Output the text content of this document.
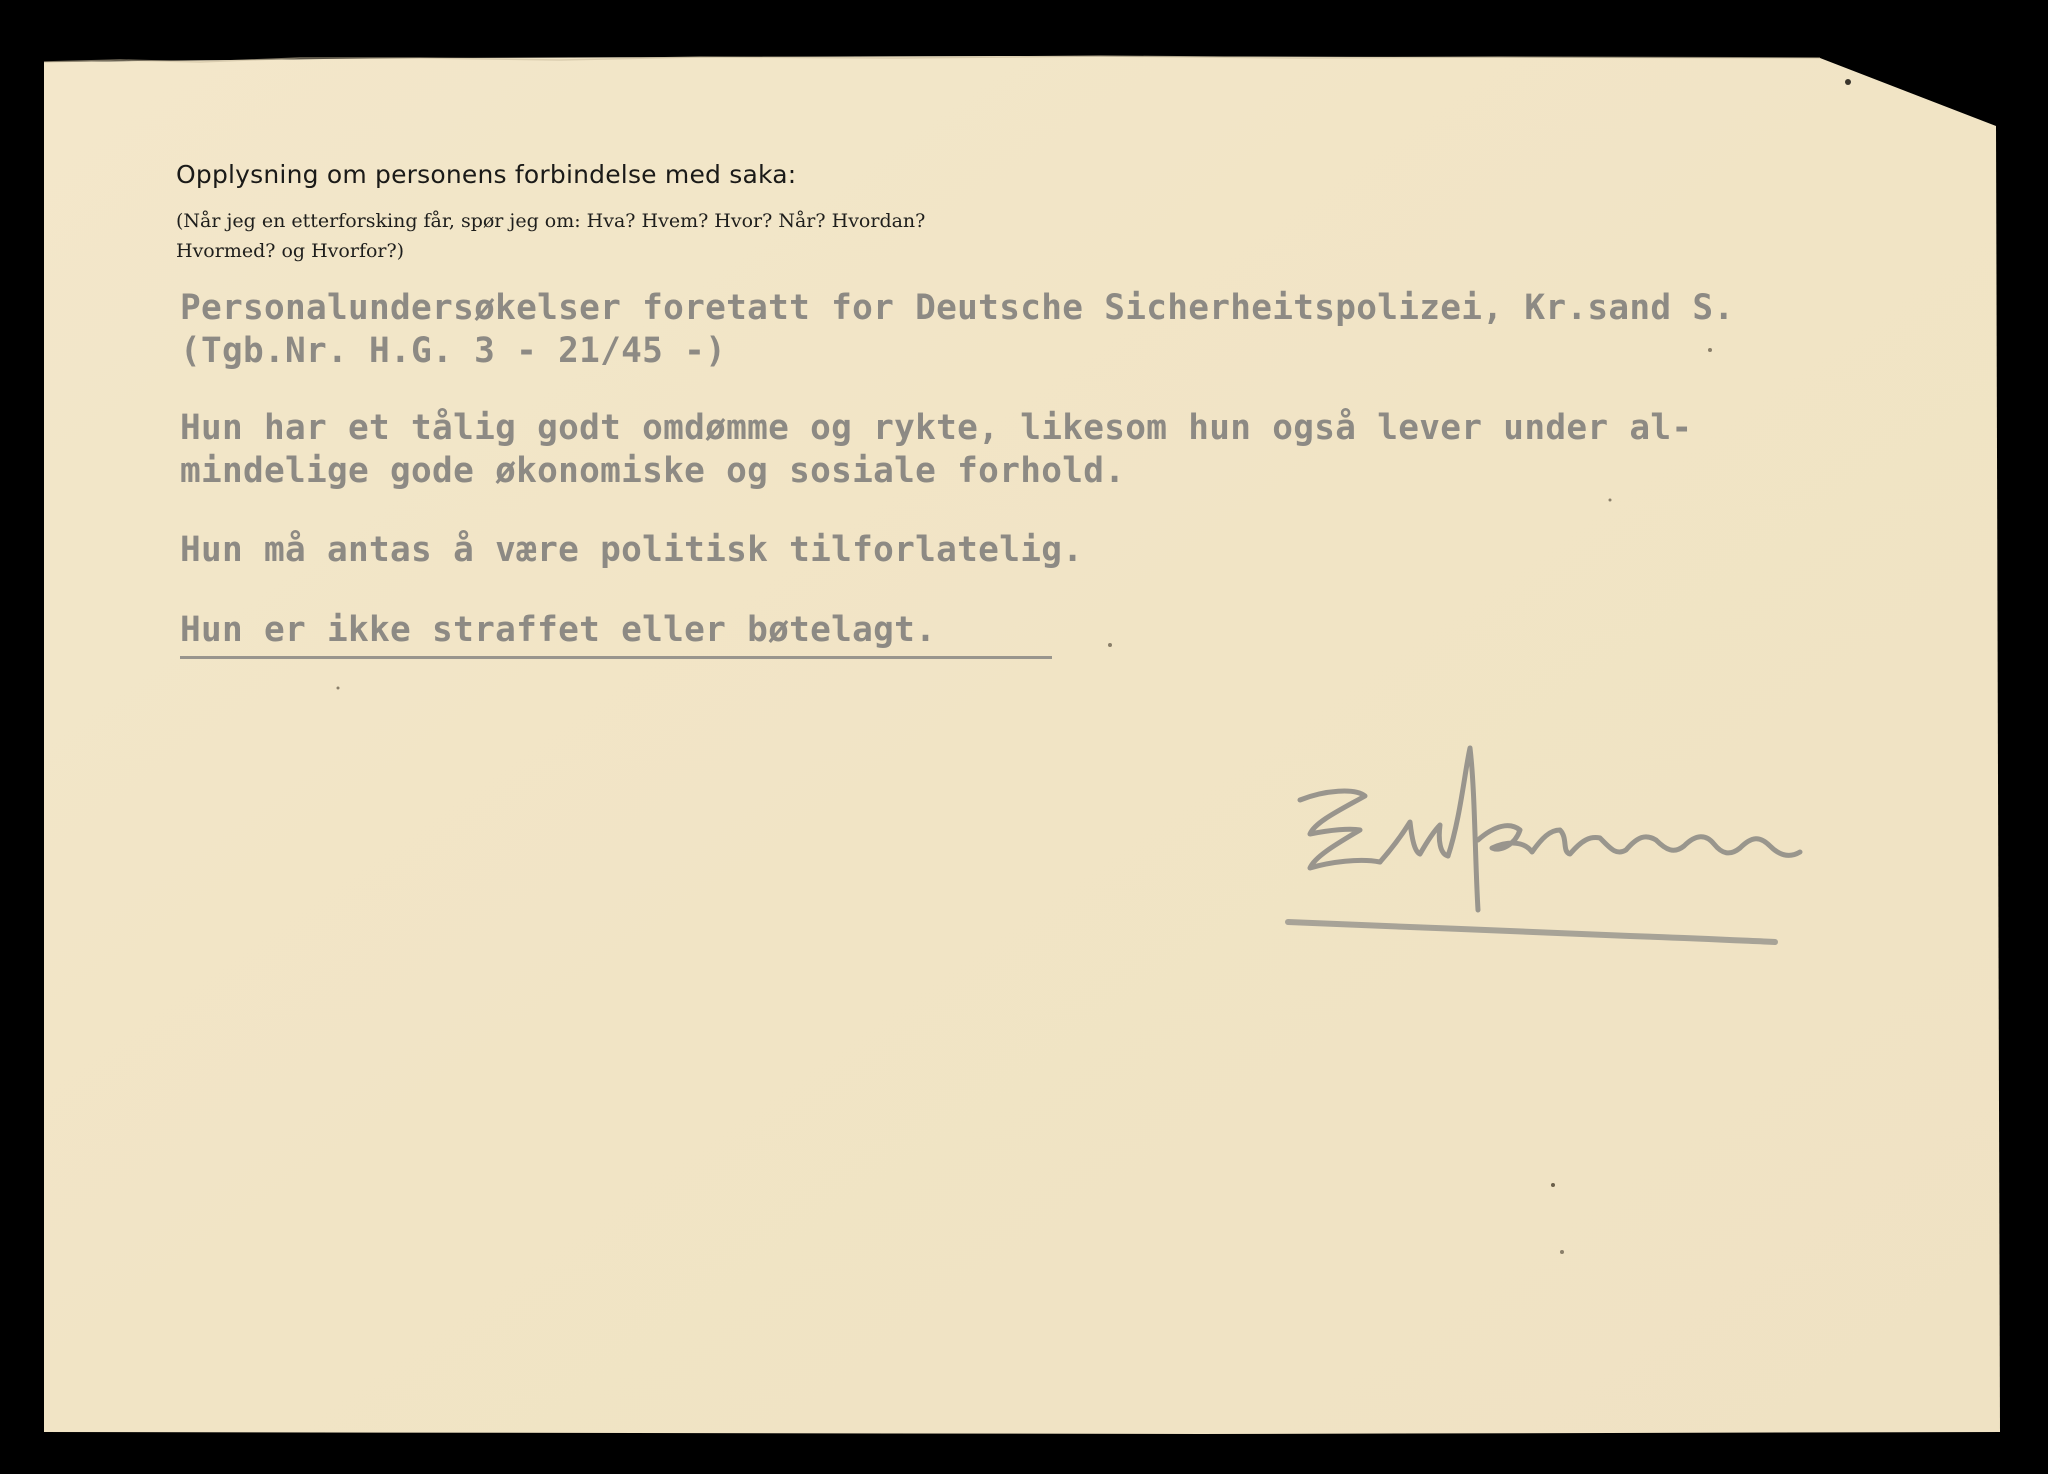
Opplysning om personens forbindelse med saka:
(Når jeg en etterforsking får, spør jeg om: Hva? Hvem? Hvor? Når? Hvordan?
Hvormed? og Hvorfor?)
Personalundersøkelser foretatt for Deutsche Sicherheitspolizei, Kr.sand S.
(Tgb.Nr. H.G. 3 - 21/45 -)
Hun har et tålig godt omdømme og rykte, likesom hun også lever under al-
mindelige gode økonomiske og sosiale forhold.
Hun må antas å være politisk tilforlatelig.
Hun er ikke straffet eller bøtelagt.
